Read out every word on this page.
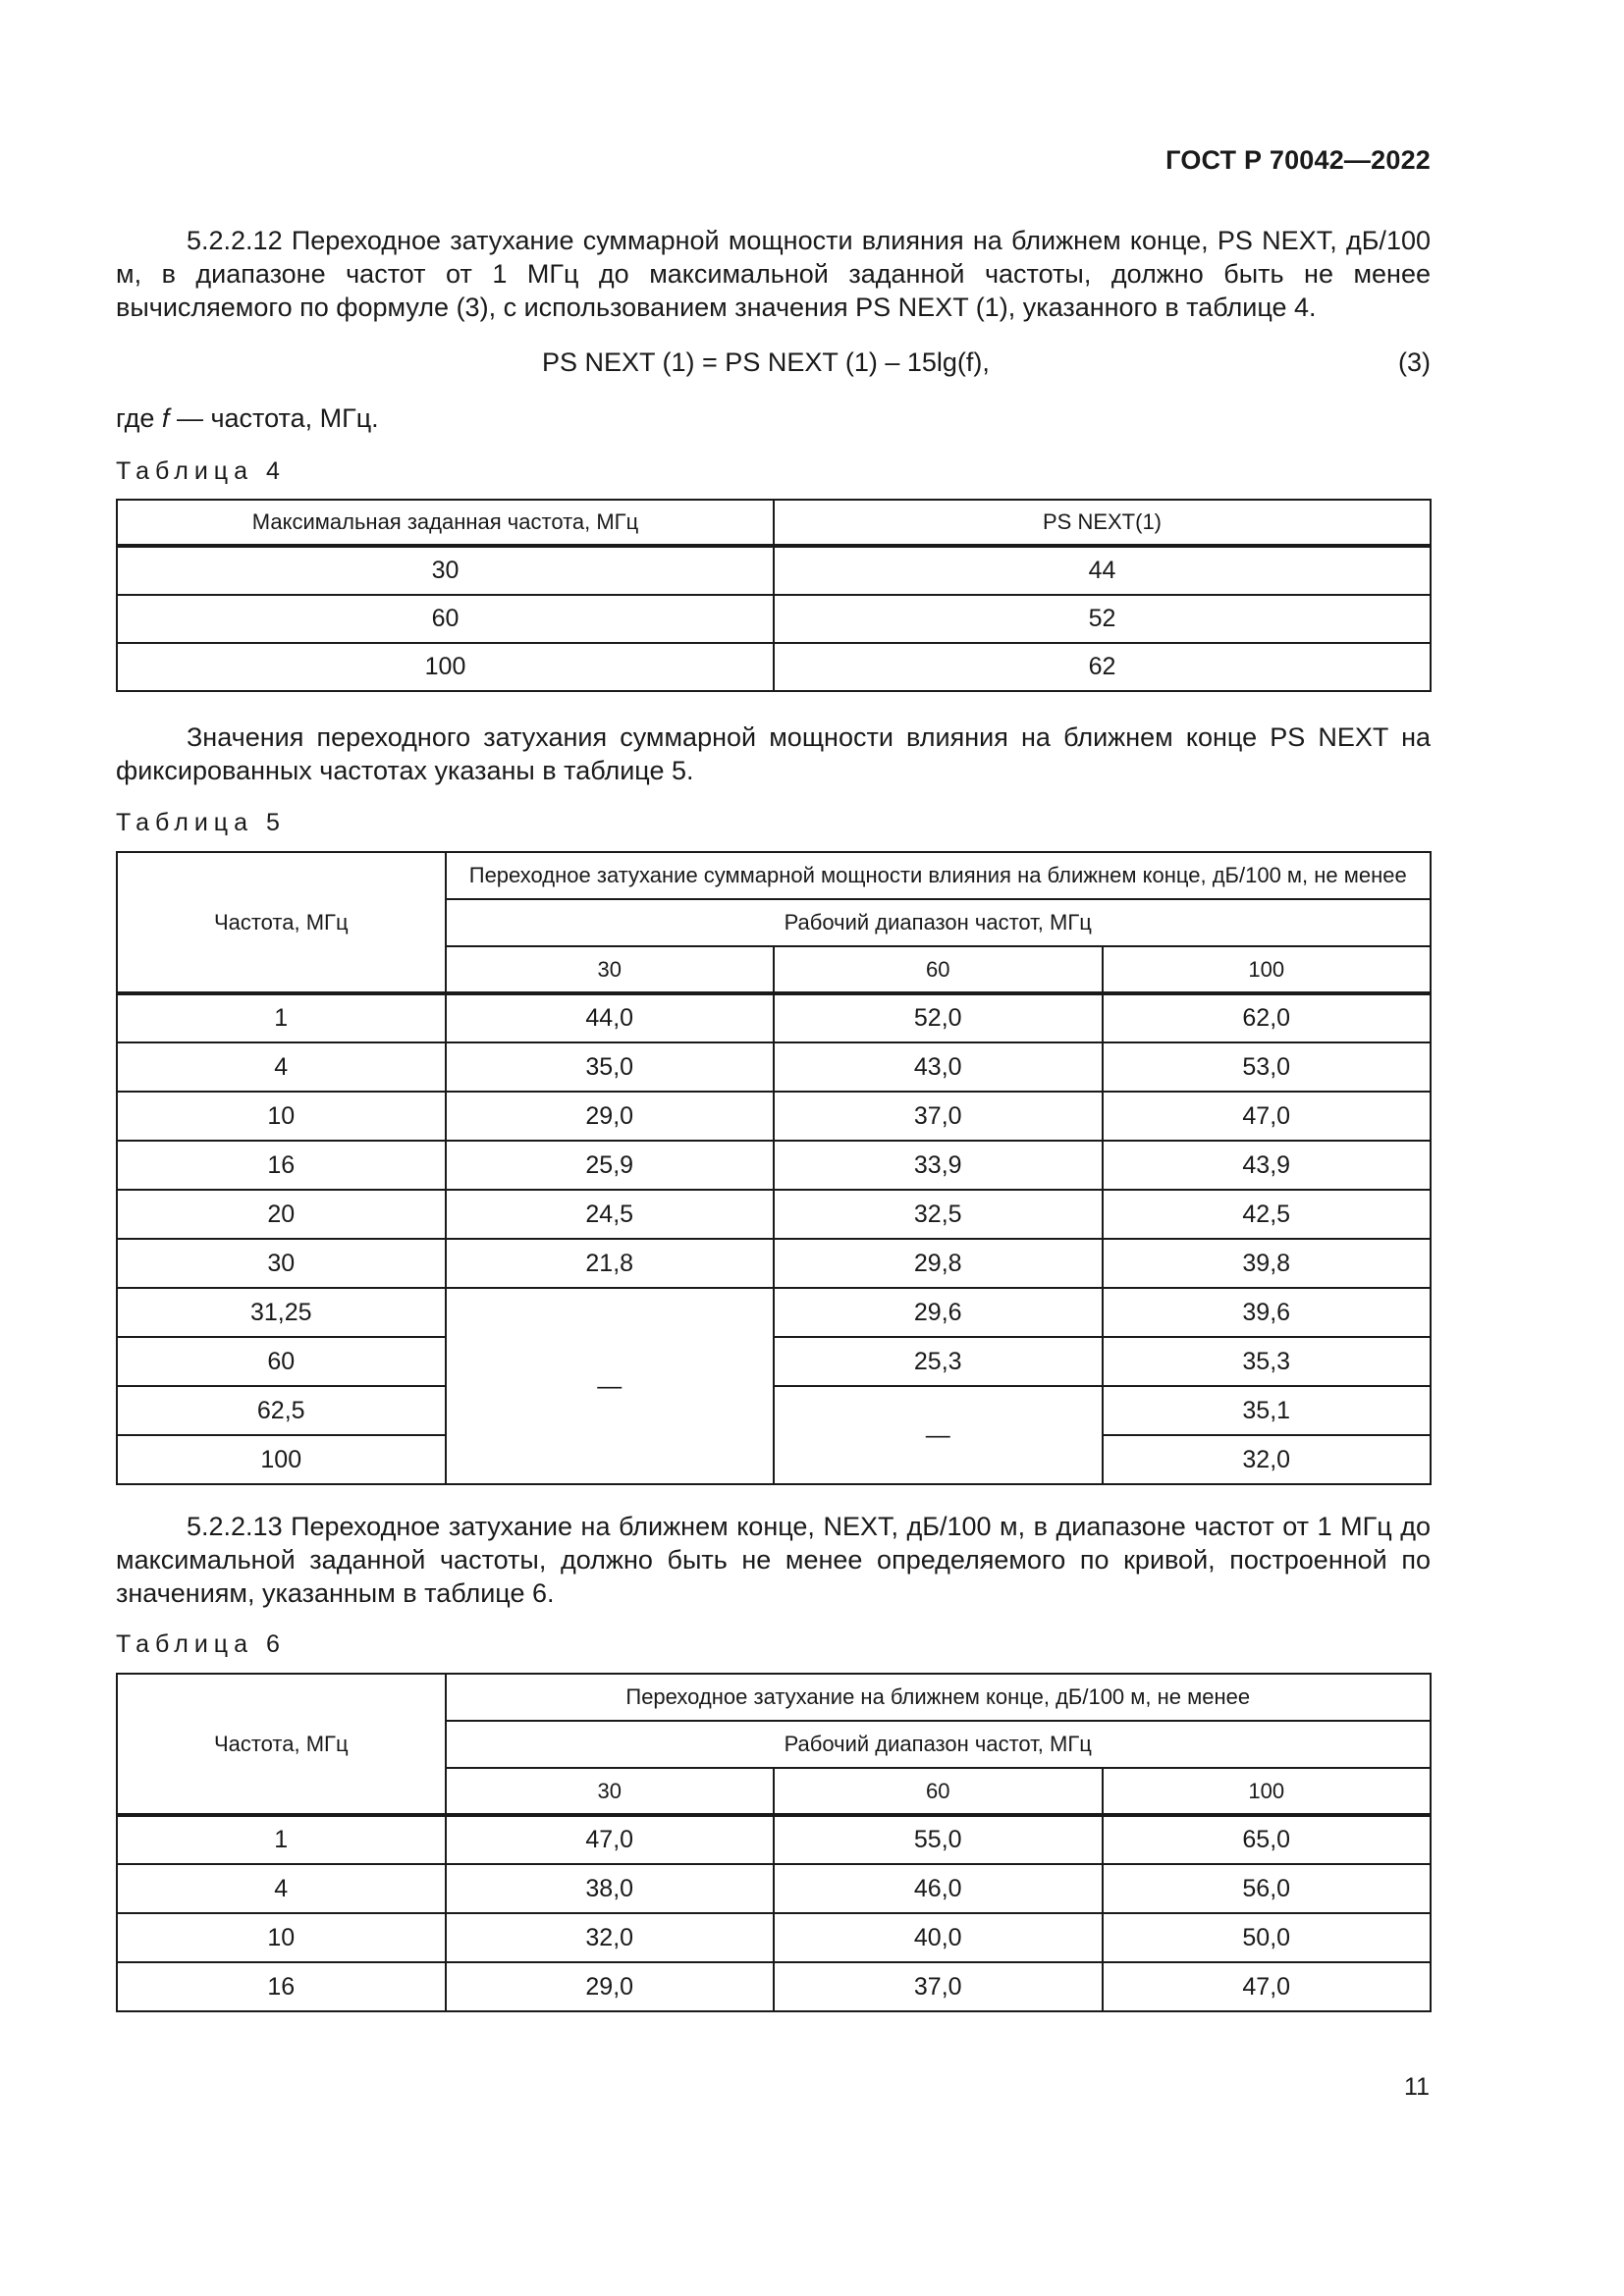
ГОСТ Р 70042—2022
5.2.2.12 Переходное затухание суммарной мощности влияния на ближнем конце, PS NEXT, дБ/100 м, в диапазоне частот от 1 МГц до максимальной заданной частоты, должно быть не менее вычисляемого по формуле (3), с использованием значения PS NEXT (1), указанного в таблице 4.
PS NEXT (1) = PS NEXT (1) – 15lg(f),	(3)
где f — частота, МГц.
Таблица 4
Максимальная заданная частота, МГц	PS NEXT(1)
30	44
60	52
100	62
Значения переходного затухания суммарной мощности влияния на ближнем конце PS NEXT на фиксированных частотах указаны в таблице 5.
Таблица 5
Частота, МГц	Переходное затухание суммарной мощности влияния на ближнем конце, дБ/100 м, не менее		
	Рабочий диапазон частот, МГц		
	30	60	100
1	44,0	52,0	62,0
4	35,0	43,0	53,0
10	29,0	37,0	47,0
16	25,9	33,9	43,9
20	24,5	32,5	42,5
30	21,8	29,8	39,8
31,25	—	29,6	39,6
60		25,3	35,3
62,5		—	35,1
100			32,0
5.2.2.13 Переходное затухание на ближнем конце, NEXT, дБ/100 м, в диапазоне частот от 1 МГц до максимальной заданной частоты, должно быть не менее определяемого по кривой, построенной по значениям, указанным в таблице 6.
Таблица 6
Частота, МГц	Переходное затухание на ближнем конце, дБ/100 м, не менее		
	Рабочий диапазон частот, МГц		
	30	60	100
1	47,0	55,0	65,0
4	38,0	46,0	56,0
10	32,0	40,0	50,0
16	29,0	37,0	47,0
11
